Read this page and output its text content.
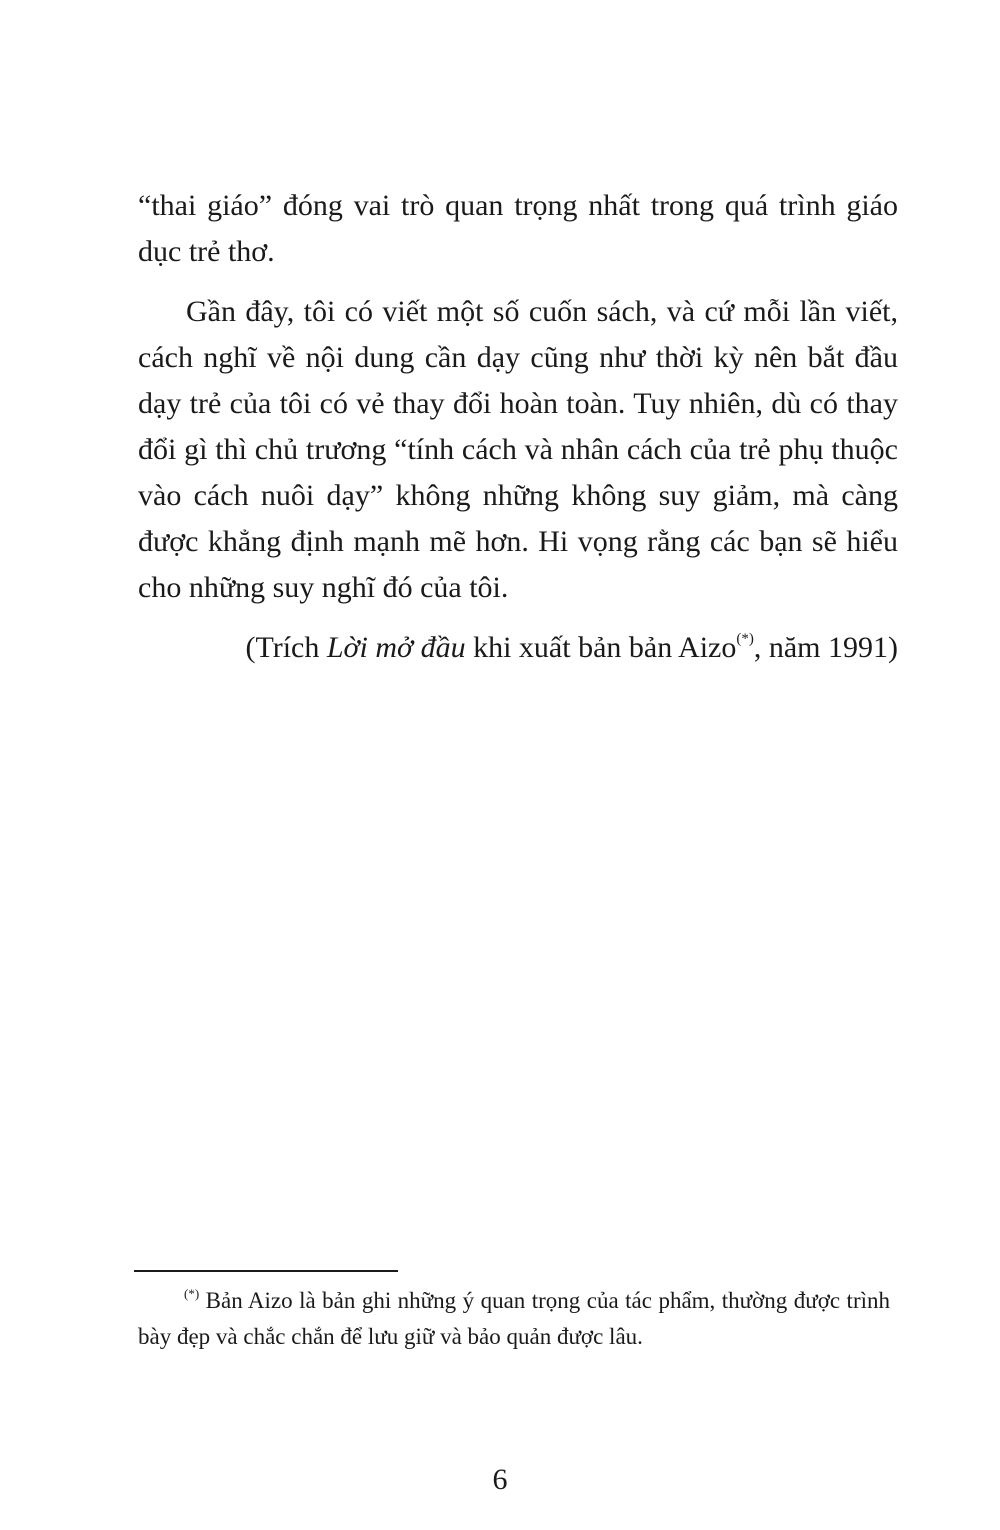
“thai giáo” đóng vai trò quan trọng nhất trong quá trình giáo dục trẻ thơ.

Gần đây, tôi có viết một số cuốn sách, và cứ mỗi lần viết, cách nghĩ về nội dung cần dạy cũng như thời kỳ nên bắt đầu dạy trẻ của tôi có vẻ thay đổi hoàn toàn. Tuy nhiên, dù có thay đổi gì thì chủ trương “tính cách và nhân cách của trẻ phụ thuộc vào cách nuôi dạy” không những không suy giảm, mà càng được khẳng định mạnh mẽ hơn. Hi vọng rằng các bạn sẽ hiểu cho những suy nghĩ đó của tôi.

(Trích Lời mở đầu khi xuất bản bản Aizo(*), năm 1991)

(*) Bản Aizo là bản ghi những ý quan trọng của tác phẩm, thường được trình bày đẹp và chắc chắn để lưu giữ và bảo quản được lâu.

6
